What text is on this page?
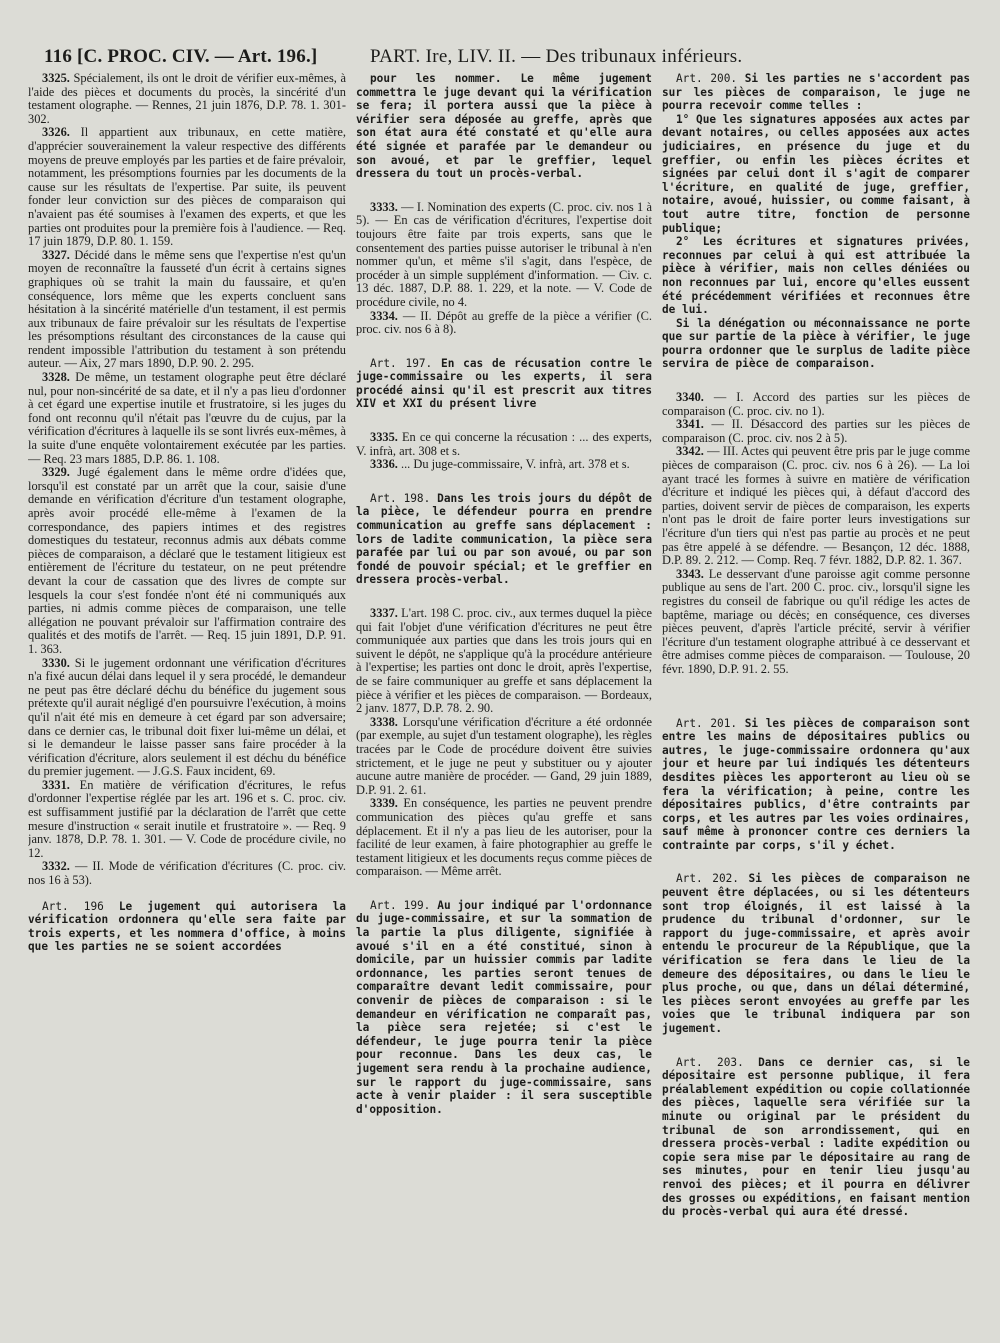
116 [C. PROC. CIV. — Art. 196.]	PART. Ire, LIV. II. — Des tribunaux inférieurs.

3325. Spécialement, ils ont le droit de vérifier eux-mêmes, à l'aide des pièces et documents du procès, la sincérité d'un testament olographe. — Rennes, 21 juin 1876, D.P. 78. 1. 301-302.

3326. Il appartient aux tribunaux, en cette matière, d'apprécier souverainement la valeur respective des différents moyens de preuve employés par les parties et de faire prévaloir, notamment, les présomptions fournies par les documents de la cause sur les résultats de l'expertise. Par suite, ils peuvent fonder leur conviction sur des pièces de comparaison qui n'avaient pas été soumises à l'examen des experts, et que les parties ont produites pour la première fois à l'audience. — Req. 17 juin 1879, D.P. 80. 1. 159.

3327. Décidé dans le même sens que l'expertise n'est qu'un moyen de reconnaître la fausseté d'un écrit à certains signes graphiques où se trahit la main du faussaire, et qu'en conséquence, lors même que les experts concluent sans hésitation à la sincérité matérielle d'un testament, il est permis aux tribunaux de faire prévaloir sur les résultats de l'expertise les présomptions résultant des circonstances de la cause qui rendent impossible l'attribution du testament à son prétendu auteur. — Aix, 27 mars 1890, D.P. 90. 2. 295.

3328. De même, un testament olographe peut être déclaré nul, pour non-sincérité de sa date, et il n'y a pas lieu d'ordonner à cet égard une expertise inutile et frustratoire, si les juges du fond ont reconnu qu'il n'était pas l'œuvre du de cujus, par la vérification d'écritures à laquelle ils se sont livrés eux-mêmes, à la suite d'une enquête volontairement exécutée par les parties. — Req. 23 mars 1885, D.P. 86. 1. 108.

3329. Jugé également dans le même ordre d'idées que, lorsqu'il est constaté par un arrêt que la cour, saisie d'une demande en vérification d'écriture d'un testament olographe, après avoir procédé elle-même à l'examen de la correspondance, des papiers intimes et des registres domestiques du testateur, reconnus admis aux débats comme pièces de comparaison, a déclaré que le testament litigieux est entièrement de l'écriture du testateur, on ne peut prétendre devant la cour de cassation que des livres de compte sur lesquels la cour s'est fondée n'ont été ni communiqués aux parties, ni admis comme pièces de comparaison, une telle allégation ne pouvant prévaloir sur l'affirmation contraire des qualités et des motifs de l'arrêt. — Req. 15 juin 1891, D.P. 91. 1. 363.

3330. Si le jugement ordonnant une vérification d'écritures n'a fixé aucun délai dans lequel il y sera procédé, le demandeur ne peut pas être déclaré déchu du bénéfice du jugement sous prétexte qu'il aurait négligé d'en poursuivre l'exécution, à moins qu'il n'ait été mis en demeure à cet égard par son adversaire; dans ce dernier cas, le tribunal doit fixer lui-même un délai, et si le demandeur le laisse passer sans faire procéder à la vérification d'écriture, alors seulement il est déchu du bénéfice du premier jugement. — J.G.S. Faux incident, 69.

3331. En matière de vérification d'écritures, le refus d'ordonner l'expertise réglée par les art. 196 et s. C. proc. civ. est suffisamment justifié par la déclaration de l'arrêt que cette mesure d'instruction « serait inutile et frustratoire ». — Req. 9 janv. 1878, D.P. 78. 1. 301. — V. Code de procédure civile, no 12.

3332. — II. Mode de vérification d'écritures (C. proc. civ. nos 16 à 53).

Art. 196 Le jugement qui autorisera la vérification ordonnera qu'elle sera faite par trois experts, et les nommera d'office, à moins que les parties ne se soient accordées

pour les nommer. Le même jugement commettra le juge devant qui la vérification se fera; il portera aussi que la pièce à vérifier sera déposée au greffe, après que son état aura été constaté et qu'elle aura été signée et parafée par le demandeur ou son avoué, et par le greffier, lequel dressera du tout un procès-verbal.

3333. — I. Nomination des experts (C. proc. civ. nos 1 à 5). — En cas de vérification d'écritures, l'expertise doit toujours être faite par trois experts, sans que le consentement des parties puisse autoriser le tribunal à n'en nommer qu'un, et même s'il s'agit, dans l'espèce, de procéder à un simple supplément d'information. — Civ. c. 13 déc. 1887, D.P. 88. 1. 229, et la note. — V. Code de procédure civile, no 4.

3334. — II. Dépôt au greffe de la pièce a vérifier (C. proc. civ. nos 6 à 8).

Art. 197. En cas de récusation contre le juge-commissaire ou les experts, il sera procédé ainsi qu'il est prescrit aux titres XIV et XXI du présent livre

3335. En ce qui concerne la récusation : ... des experts, V. infrà, art. 308 et s.

3336. ... Du juge-commissaire, V. infrà, art. 378 et s.

Art. 198. Dans les trois jours du dépôt de la pièce, le défendeur pourra en prendre communication au greffe sans déplacement : lors de ladite communication, la pièce sera parafée par lui ou par son avoué, ou par son fondé de pouvoir spécial; et le greffier en dressera procès-verbal.

3337. L'art. 198 C. proc. civ., aux termes duquel la pièce qui fait l'objet d'une vérification d'écritures ne peut être communiquée aux parties que dans les trois jours qui en suivent le dépôt, ne s'applique qu'à la procédure antérieure à l'expertise; les parties ont donc le droit, après l'expertise, de se faire communiquer au greffe et sans déplacement la pièce à vérifier et les pièces de comparaison. — Bordeaux, 2 janv. 1877, D.P. 78. 2. 90.

3338. Lorsqu'une vérification d'écriture a été ordonnée (par exemple, au sujet d'un testament olographe), les règles tracées par le Code de procédure doivent être suivies strictement, et le juge ne peut y substituer ou y ajouter aucune autre manière de procéder. — Gand, 29 juin 1889, D.P. 91. 2. 61.

3339. En conséquence, les parties ne peuvent prendre communication des pièces qu'au greffe et sans déplacement. Et il n'y a pas lieu de les autoriser, pour la facilité de leur examen, à faire photographier au greffe le testament litigieux et les documents reçus comme pièces de comparaison. — Même arrêt.

Art. 199. Au jour indiqué par l'ordonnance du juge-commissaire, et sur la sommation de la partie la plus diligente, signifiée à avoué s'il en a été constitué, sinon à domicile, par un huissier commis par ladite ordonnance, les parties seront tenues de comparaître devant ledit commissaire, pour convenir de pièces de comparaison : si le demandeur en vérification ne comparaît pas, la pièce sera rejetée; si c'est le défendeur, le juge pourra tenir la pièce pour reconnue. Dans les deux cas, le jugement sera rendu à la prochaine audience, sur le rapport du juge-commissaire, sans acte à venir plaider : il sera susceptible d'opposition.

Art. 200. Si les parties ne s'accordent pas sur les pièces de comparaison, le juge ne pourra recevoir comme telles :

1° Que les signatures apposées aux actes par devant notaires, ou celles apposées aux actes judiciaires, en présence du juge et du greffier, ou enfin les pièces écrites et signées par celui dont il s'agit de comparer l'écriture, en qualité de juge, greffier, notaire, avoué, huissier, ou comme faisant, à tout autre titre, fonction de personne publique;

2° Les écritures et signatures privées, reconnues par celui à qui est attribuée la pièce à vérifier, mais non celles déniées ou non reconnues par lui, encore qu'elles eussent été précédemment vérifiées et reconnues être de lui.

Si la dénégation ou méconnaissance ne porte que sur partie de la pièce à vérifier, le juge pourra ordonner que le surplus de ladite pièce servira de pièce de comparaison.

3340. — I. Accord des parties sur les pièces de comparaison (C. proc. civ. no 1).

3341. — II. Désaccord des parties sur les pièces de comparaison (C. proc. civ. nos 2 à 5).

3342. — III. Actes qui peuvent être pris par le juge comme pièces de comparaison (C. proc. civ. nos 6 à 26). — La loi ayant tracé les formes à suivre en matière de vérification d'écriture et indiqué les pièces qui, à défaut d'accord des parties, doivent servir de pièces de comparaison, les experts n'ont pas le droit de faire porter leurs investigations sur l'écriture d'un tiers qui n'est pas partie au procès et ne peut pas être appelé à se défendre. — Besançon, 12 déc. 1888, D.P. 89. 2. 212. — Comp. Req. 7 févr. 1882, D.P. 82. 1. 367.

3343. Le desservant d'une paroisse agit comme personne publique au sens de l'art. 200 C. proc. civ., lorsqu'il signe les registres du conseil de fabrique ou qu'il rédige les actes de baptême, mariage ou décès; en conséquence, ces diverses pièces peuvent, d'après l'article précité, servir à vérifier l'écriture d'un testament olographe attribué à ce desservant et être admises comme pièces de comparaison. — Toulouse, 20 févr. 1890, D.P. 91. 2. 55.

Art. 201. Si les pièces de comparaison sont entre les mains de dépositaires publics ou autres, le juge-commissaire ordonnera qu'aux jour et heure par lui indiqués les détenteurs desdites pièces les apporteront au lieu où se fera la vérification; à peine, contre les dépositaires publics, d'être contraints par corps, et les autres par les voies ordinaires, sauf même à prononcer contre ces derniers la contrainte par corps, s'il y échet.

Art. 202. Si les pièces de comparaison ne peuvent être déplacées, ou si les détenteurs sont trop éloignés, il est laissé à la prudence du tribunal d'ordonner, sur le rapport du juge-commissaire, et après avoir entendu le procureur de la République, que la vérification se fera dans le lieu de la demeure des dépositaires, ou dans le lieu le plus proche, ou que, dans un délai déterminé, les pièces seront envoyées au greffe par les voies que le tribunal indiquera par son jugement.

Art. 203. Dans ce dernier cas, si le dépositaire est personne publique, il fera préalablement expédition ou copie collationnée des pièces, laquelle sera vérifiée sur la minute ou original par le président du tribunal de son arrondissement, qui en dressera procès-verbal : ladite expédition ou copie sera mise par le dépositaire au rang de ses minutes, pour en tenir lieu jusqu'au renvoi des pièces; et il pourra en délivrer des grosses ou expéditions, en faisant mention du procès-verbal qui aura été dressé.
